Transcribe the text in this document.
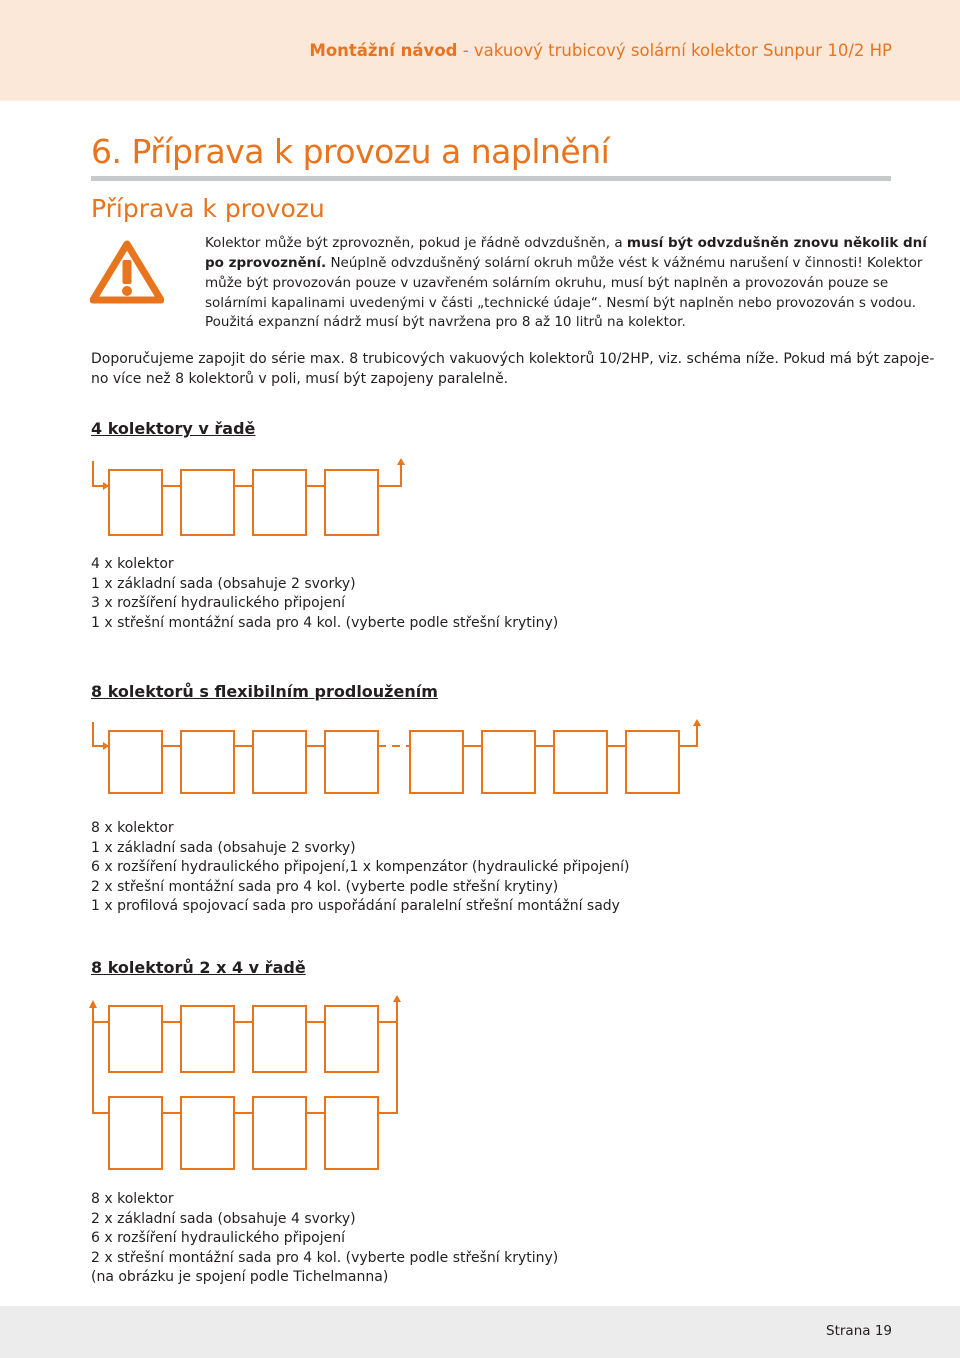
Montážní návod - vakuový trubicový solární kolektor Sunpur 10/2 HP

6. Příprava k provozu a naplnění
Příprava k provozu

Kolektor může být zprovozněn, pokud je řádně odvzdušněn, a musí být odvzdušněn znovu několik dní

po zprovoznění. Neúplně odvzdušněný solární okruh může vést k vážnému narušení v činnosti! Kolektor

může být provozován pouze v uzavřeném solárním okruhu, musí být naplněn a provozován pouze se

solárními kapalinami uvedenými v části „technické údaje“. Nesmí být naplněn nebo provozován s vodou.

Použitá expanzní nádrž musí být navržena pro 8 až 10 litrů na kolektor.

Doporučujeme zapojit do série max. 8 trubicových vakuových kolektorů 10/2HP, viz. schéma níže. Pokud má být zapoje-

no více než 8 kolektorů v poli, musí být zapojeny paralelně.

4 kolektory v řadě

4 x kolektor
1 x základní sada (obsahuje 2 svorky)
3 x rozšíření hydraulického připojení
1 x střešní montážní sada pro 4 kol. (vyberte podle střešní krytiny)

8 kolektorů s flexibilním prodloužením

8 x kolektor
1 x základní sada (obsahuje 2 svorky)
6 x rozšíření hydraulického připojení,1 x kompenzátor (hydraulické připojení)
2 x střešní montážní sada pro 4 kol. (vyberte podle střešní krytiny)
1 x profilová spojovací sada pro uspořádání paralelní střešní montážní sady

8 kolektorů 2 x 4 v řadě

8 x kolektor
2 x základní sada (obsahuje 4 svorky)
6 x rozšíření hydraulického připojení
2 x střešní montážní sada pro 4 kol. (vyberte podle střešní krytiny)
(na obrázku je spojení podle Tichelmanna)
Strana 19
